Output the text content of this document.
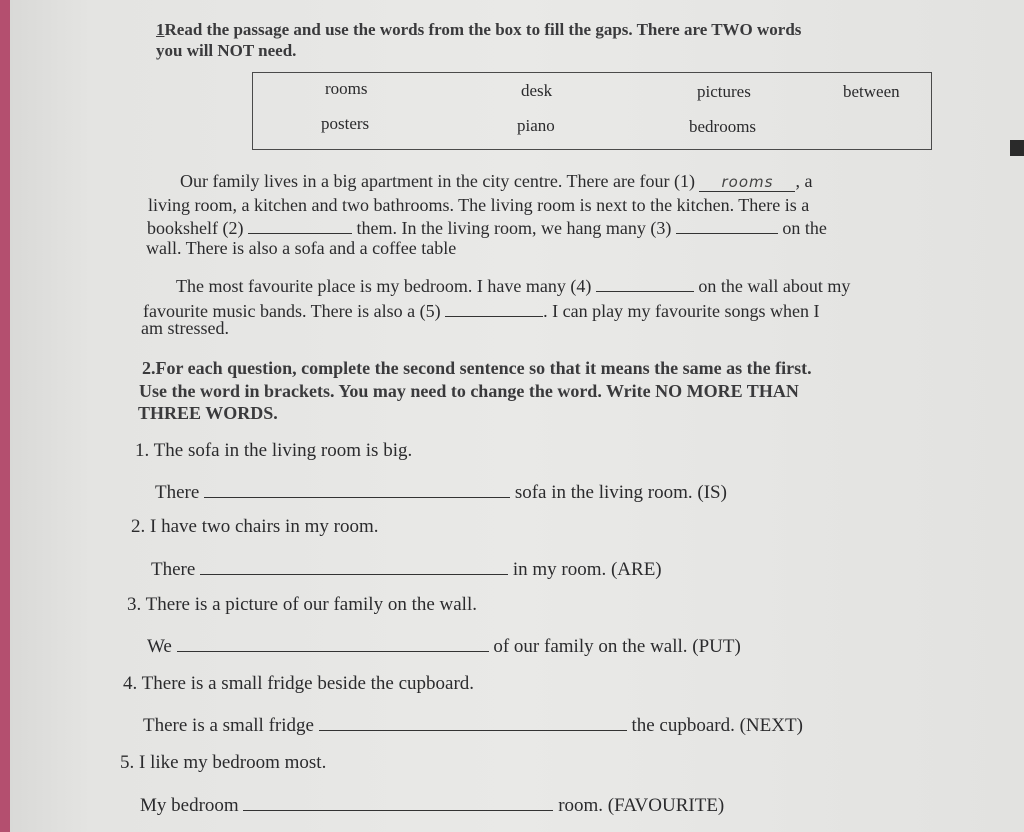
1Read the passage and use the words from the box to fill the gaps. There are TWO words
you will NOT need.
rooms	desk	pictures	between
posters	piano	bedrooms
Our family lives in a big apartment in the city centre. There are four (1) rooms , a
living room, a kitchen and two bathrooms. The living room is next to the kitchen. There is a
bookshelf (2)	them. In the living room, we hang many (3)	on the
wall. There is also a sofa and a coffee table
The most favourite place is my bedroom. I have many (4)	on the wall about my
favourite music bands. There is also a (5)	. I can play my favourite songs when I
am stressed.
2.For each question, complete the second sentence so that it means the same as the first.
Use the word in brackets. You may need to change the word. Write NO MORE THAN
THREE WORDS.
1. The sofa in the living room is big.
There	sofa in the living room. (IS)
2. I have two chairs in my room.
There	in my room. (ARE)
3. There is a picture of our family on the wall.
We	of our family on the wall. (PUT)
4. There is a small fridge beside the cupboard.
There is a small fridge	the cupboard. (NEXT)
5. I like my bedroom most.
My bedroom	room. (FAVOURITE)
